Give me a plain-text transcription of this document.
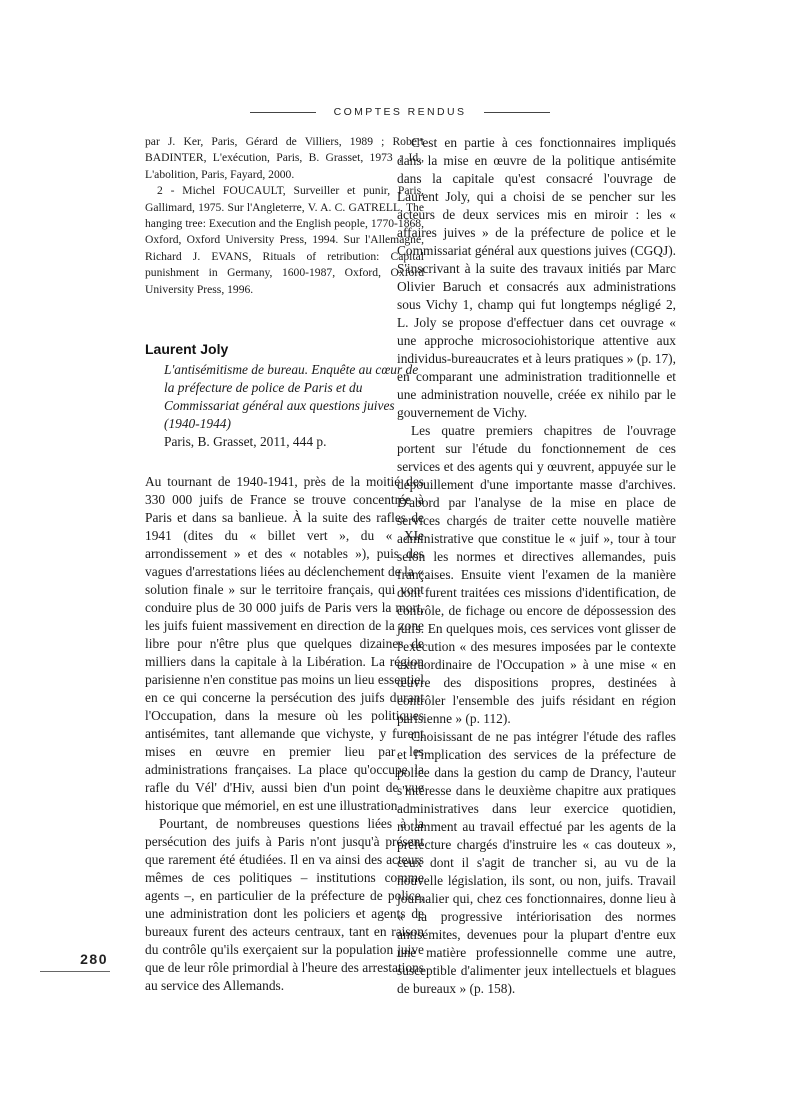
COMPTES RENDUS

par J. Ker, Paris, Gérard de Villiers, 1989 ; Robert BADINTER, L'exécution, Paris, B. Grasset, 1973 ; Id., L'abolition, Paris, Fayard, 2000.

2 - Michel FOUCAULT, Surveiller et punir, Paris, Gallimard, 1975. Sur l'Angleterre, V. A. C. GATRELL, The hanging tree: Execution and the English people, 1770-1868, Oxford, Oxford University Press, 1994. Sur l'Allemagne, Richard J. EVANS, Rituals of retribution: Capital punishment in Germany, 1600-1987, Oxford, Oxford University Press, 1996.

Laurent Joly
L'antisémitisme de bureau. Enquête au cœur de la préfecture de police de Paris et du Commissariat général aux questions juives (1940-1944)
Paris, B. Grasset, 2011, 444 p.

Au tournant de 1940-1941, près de la moitié des 330 000 juifs de France se trouve concentrée à Paris et dans sa banlieue. À la suite des rafles de 1941 (dites du « billet vert », du « XIe arrondissement » et des « notables »), puis des vagues d'arrestations liées au déclenchement de la « solution finale » sur le territoire français, qui vont conduire plus de 30 000 juifs de Paris vers la mort, les juifs fuient massivement en direction de la zone libre pour n'être plus que quelques dizaines de milliers dans la capitale à la Libération. La région parisienne n'en constitue pas moins un lieu essentiel en ce qui concerne la persécution des juifs durant l'Occupation, dans la mesure où les politiques antisémites, tant allemande que vichyste, y furent mises en œuvre en premier lieu par les administrations françaises. La place qu'occupe la rafle du Vél' d'Hiv, aussi bien d'un point de vue historique que mémoriel, en est une illustration.

Pourtant, de nombreuses questions liées à la persécution des juifs à Paris n'ont jusqu'à présent que rarement été étudiées. Il en va ainsi des acteurs mêmes de ces politiques – institutions comme agents –, en particulier de la préfecture de police, une administration dont les policiers et agents de bureaux furent des acteurs centraux, tant en raison du contrôle qu'ils exerçaient sur la population juive que de leur rôle primordial à l'heure des arrestations au service des Allemands.

C'est en partie à ces fonctionnaires impliqués dans la mise en œuvre de la politique antisémite dans la capitale qu'est consacré l'ouvrage de Laurent Joly, qui a choisi de se pencher sur les acteurs de deux services mis en miroir : les « affaires juives » de la préfecture de police et le Commissariat général aux questions juives (CGQJ). S'inscrivant à la suite des travaux initiés par Marc Olivier Baruch et consacrés aux administrations sous Vichy 1, champ qui fut longtemps négligé 2, L. Joly se propose d'effectuer dans cet ouvrage « une approche microsociohistorique attentive aux individus-bureaucrates et à leurs pratiques » (p. 17), en comparant une administration traditionnelle et une administration nouvelle, créée ex nihilo par le gouvernement de Vichy.

Les quatre premiers chapitres de l'ouvrage portent sur l'étude du fonctionnement de ces services et des agents qui y œuvrent, appuyée sur le dépouillement d'une importante masse d'archives. D'abord par l'analyse de la mise en place de services chargés de traiter cette nouvelle matière administrative que constitue le « juif », tour à tour selon les normes et directives allemandes, puis françaises. Ensuite vient l'examen de la manière dont furent traitées ces missions d'identification, de contrôle, de fichage ou encore de dépossession des juifs. En quelques mois, ces services vont glisser de l'exécution « des mesures imposées par le contexte extraordinaire de l'Occupation » à une mise « en œuvre des dispositions propres, destinées à contrôler l'ensemble des juifs résidant en région parisienne » (p. 112).

Choisissant de ne pas intégrer l'étude des rafles et l'implication des services de la préfecture de police dans la gestion du camp de Drancy, l'auteur s'intéresse dans le deuxième chapitre aux pratiques administratives dans leur exercice quotidien, notamment au travail effectué par les agents de la préfecture chargés d'instruire les « cas douteux », ceux dont il s'agit de trancher si, au vu de la nouvelle législation, ils sont, ou non, juifs. Travail journalier qui, chez ces fonctionnaires, donne lieu à « la progressive intériorisation des normes antisémites, devenues pour la plupart d'entre eux une matière professionnelle comme une autre, susceptible d'alimenter jeux intellectuels et blagues de bureaux » (p. 158).

280
